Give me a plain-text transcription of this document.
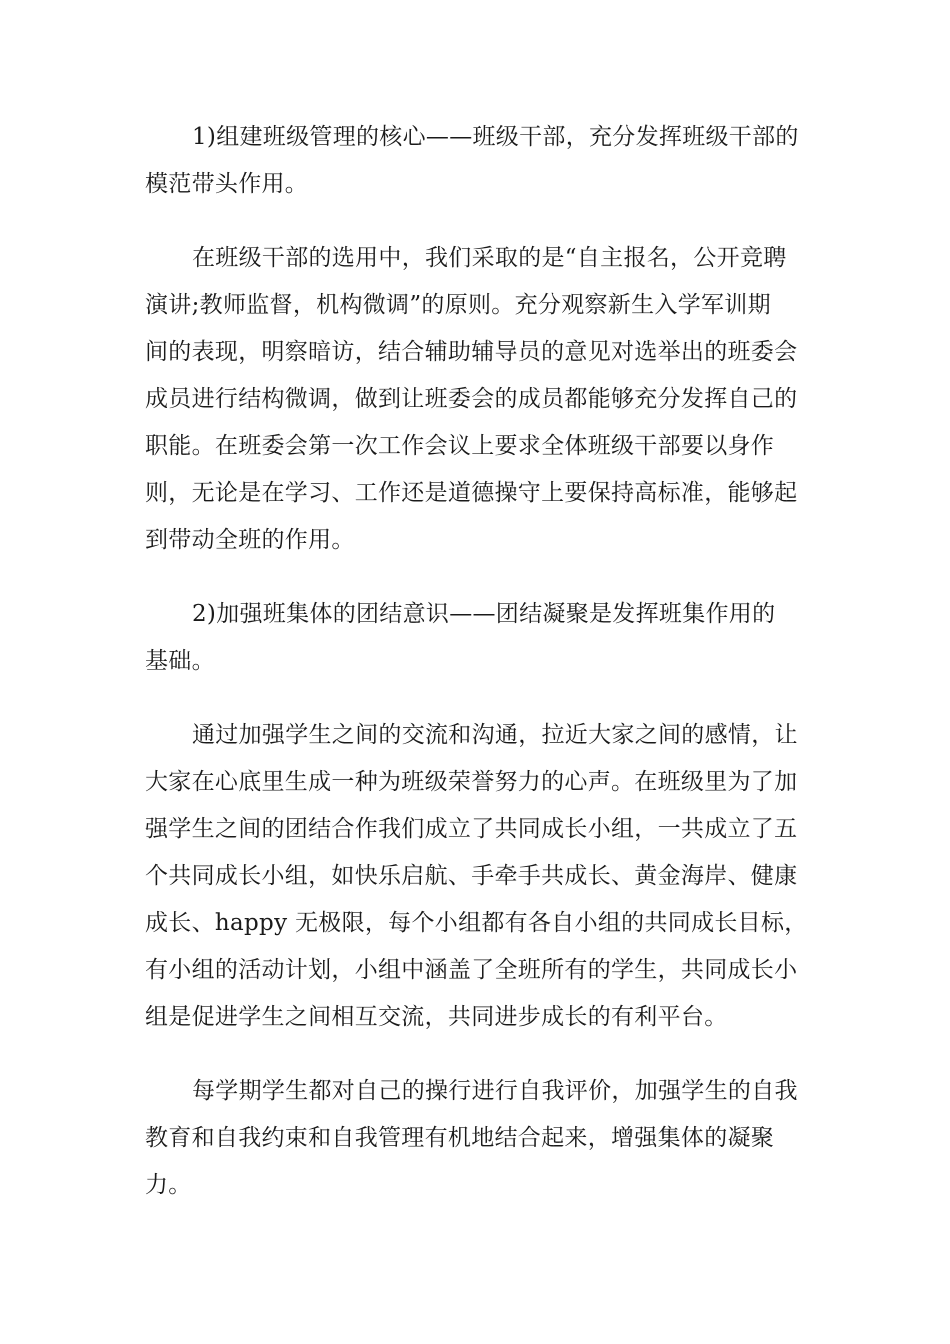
1)组建班级管理的核心——班级干部，充分发挥班级干部的
模范带头作用。

在班级干部的选用中，我们采取的是“自主报名，公开竞聘
演讲;教师监督，机构微调”的原则。充分观察新生入学军训期
间的表现，明察暗访，结合辅助辅导员的意见对选举出的班委会
成员进行结构微调，做到让班委会的成员都能够充分发挥自己的
职能。在班委会第一次工作会议上要求全体班级干部要以身作
则，无论是在学习、工作还是道德操守上要保持高标准，能够起
到带动全班的作用。

2)加强班集体的团结意识——团结凝聚是发挥班集作用的
基础。

通过加强学生之间的交流和沟通，拉近大家之间的感情，让
大家在心底里生成一种为班级荣誉努力的心声。在班级里为了加
强学生之间的团结合作我们成立了共同成长小组，一共成立了五
个共同成长小组，如快乐启航、手牵手共成长、黄金海岸、健康
成长、happy 无极限，每个小组都有各自小组的共同成长目标，
有小组的活动计划，小组中涵盖了全班所有的学生，共同成长小
组是促进学生之间相互交流，共同进步成长的有利平台。

每学期学生都对自己的操行进行自我评价，加强学生的自我
教育和自我约束和自我管理有机地结合起来，增强集体的凝聚
力。
